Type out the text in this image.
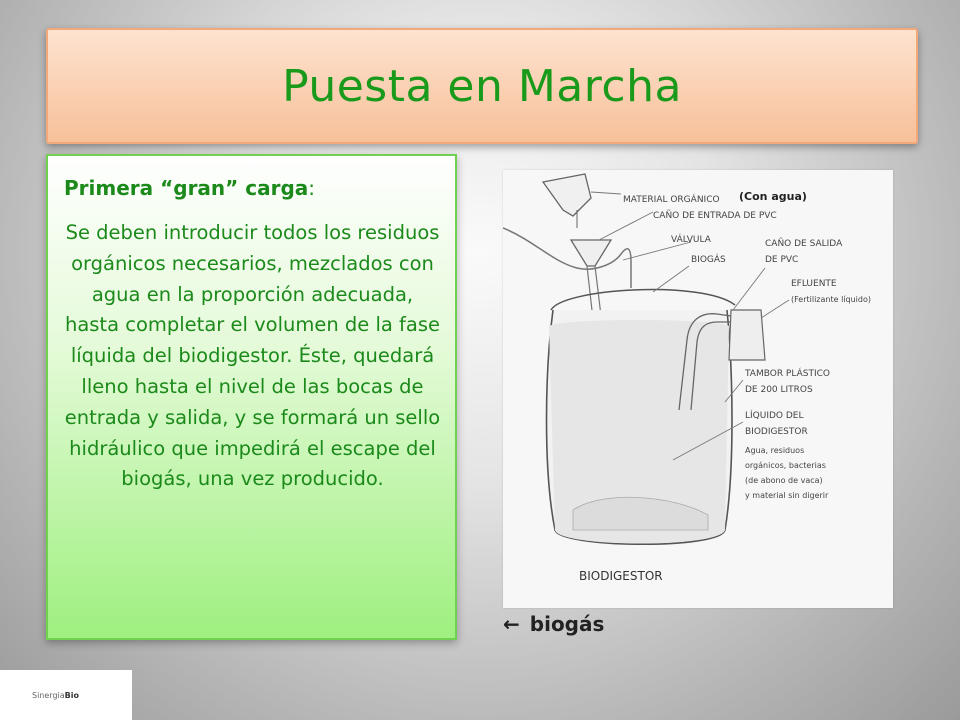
Puesta en Marcha

Primera “gran” carga:

Se deben introducir todos los residuos orgánicos necesarios, mezclados con agua en la proporción adecuada, hasta completar el volumen de la fase líquida del biodigestor. Éste, quedará lleno hasta el nivel de las bocas de entrada y salida, y se formará un sello hidráulico que impedirá el escape del biogás, una vez producido.

MATERIAL ORGÁNICO (Con agua)
CAÑO DE ENTRADA DE PVC
VÁLVULA
BIOGÁS
CAÑO DE SALIDA
DE PVC
EFLUENTE
(Fertilizante líquido)
TAMBOR PLÁSTICO
DE 200 LITROS
LÍQUIDO DEL
BIODIGESTOR
Agua, residuos
orgánicos, bacterias
(de abono de vaca)
y material sin digerir
BIODIGESTOR
← biogás
SinergiaBio
